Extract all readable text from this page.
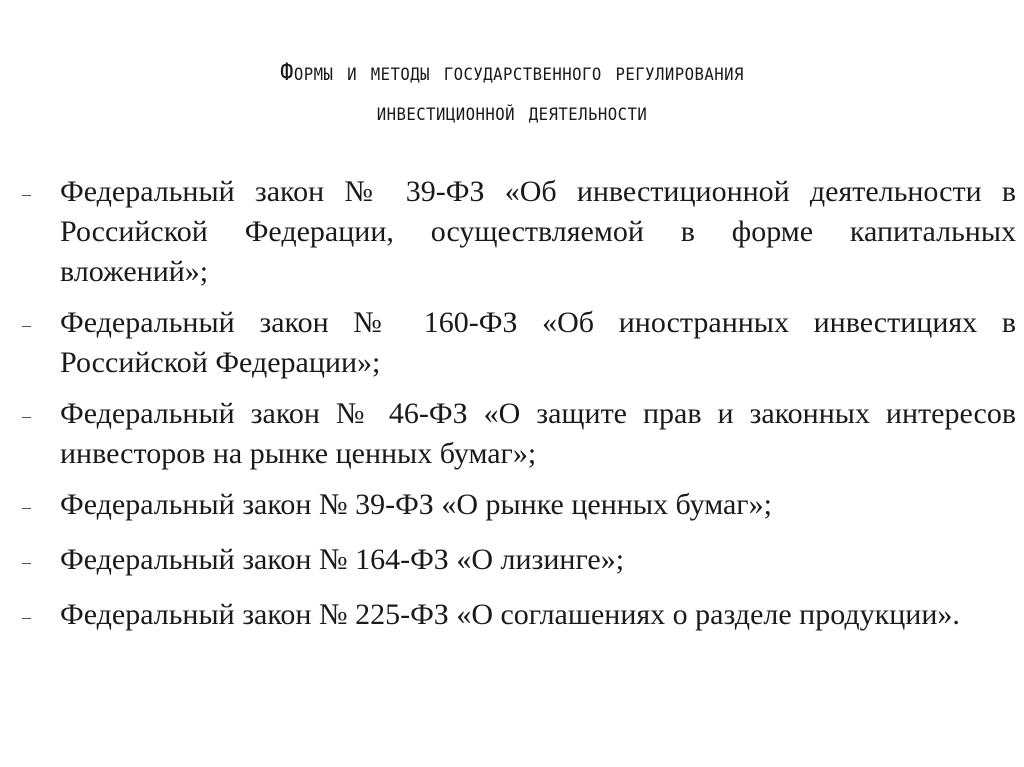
Формы и методы государственного регулирования
инвестиционной деятельности
– Федеральный закон № 39-ФЗ «Об инвестиционной деятельности в Российской Федерации, осуществляемой в форме капитальных вложений»;
– Федеральный закон № 160-ФЗ «Об иностранных инвестициях в Российской Федерации»;
– Федеральный закон № 46-ФЗ «О защите прав и законных интересов инвесторов на рынке ценных бумаг»;
– Федеральный закон № 39-ФЗ «О рынке ценных бумаг»;
– Федеральный закон № 164-ФЗ «О лизинге»;
– Федеральный закон № 225-ФЗ «О соглашениях о разделе продукции».
